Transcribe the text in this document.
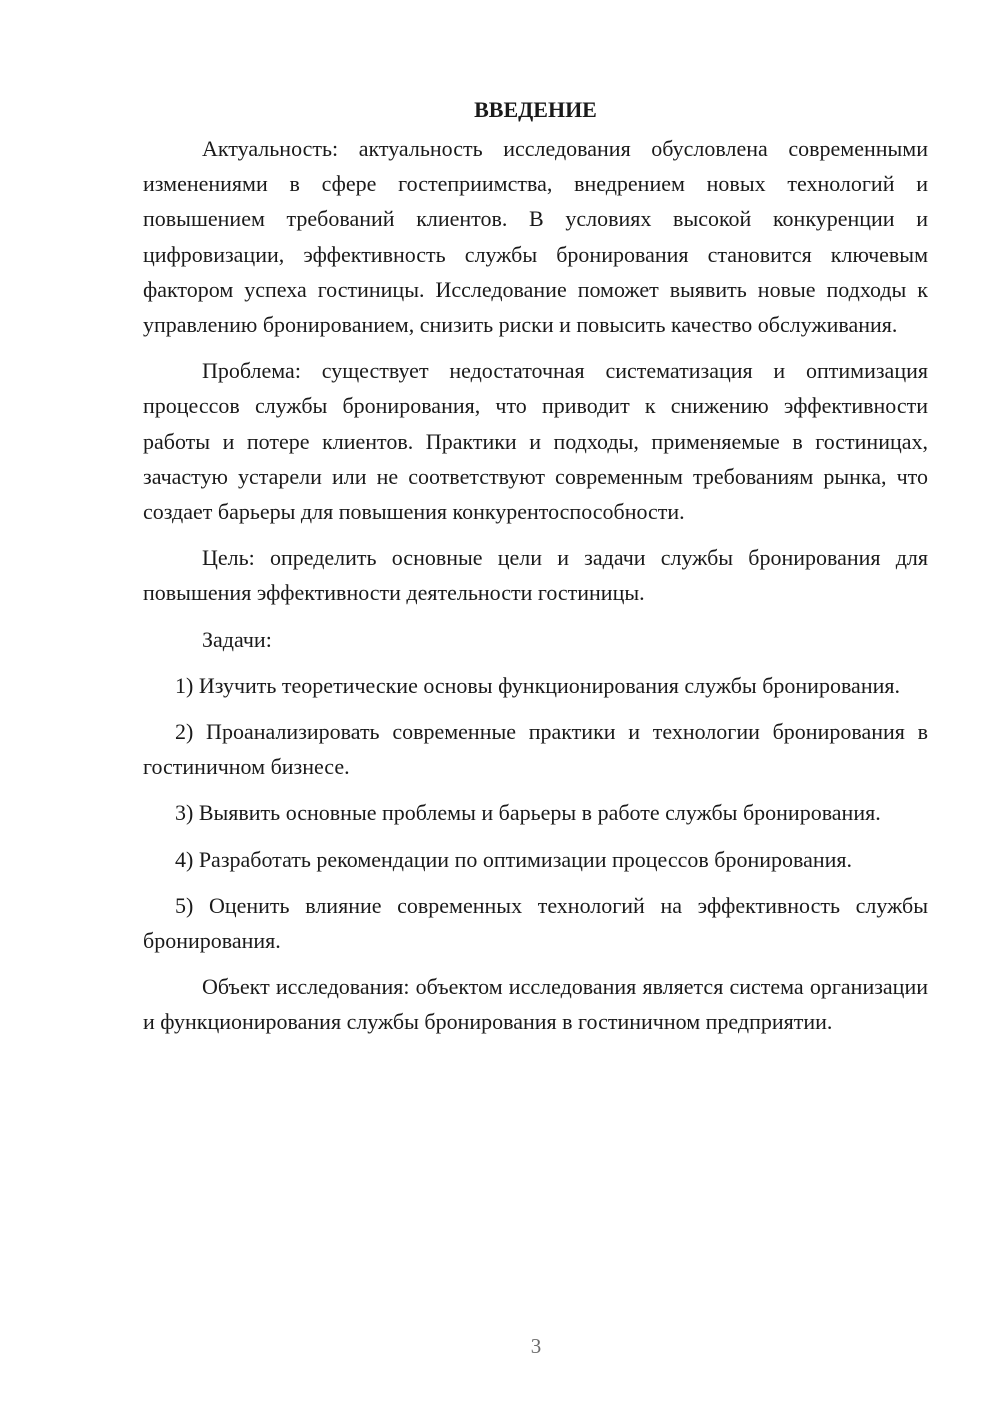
ВВЕДЕНИЕ

Актуальность: актуальность исследования обусловлена современными изменениями в сфере гостеприимства, внедрением новых технологий и повышением требований клиентов. В условиях высокой конкуренции и цифровизации, эффективность службы бронирования становится ключевым фактором успеха гостиницы. Исследование поможет выявить новые подходы к управлению бронированием, снизить риски и повысить качество обслуживания.

Проблема: существует недостаточная систематизация и оптимизация процессов службы бронирования, что приводит к снижению эффективности работы и потере клиентов. Практики и подходы, применяемые в гостиницах, зачастую устарели или не соответствуют современным требованиям рынка, что создает барьеры для повышения конкурентоспособности.

Цель: определить основные цели и задачи службы бронирования для повышения эффективности деятельности гостиницы.

Задачи:

1) Изучить теоретические основы функционирования службы бронирования.

2) Проанализировать современные практики и технологии бронирования в гостиничном бизнесе.

3) Выявить основные проблемы и барьеры в работе службы бронирования.

4) Разработать рекомендации по оптимизации процессов бронирования.

5) Оценить влияние современных технологий на эффективность службы бронирования.

Объект исследования: объектом исследования является система организации и функционирования службы бронирования в гостиничном предприятии.

3
